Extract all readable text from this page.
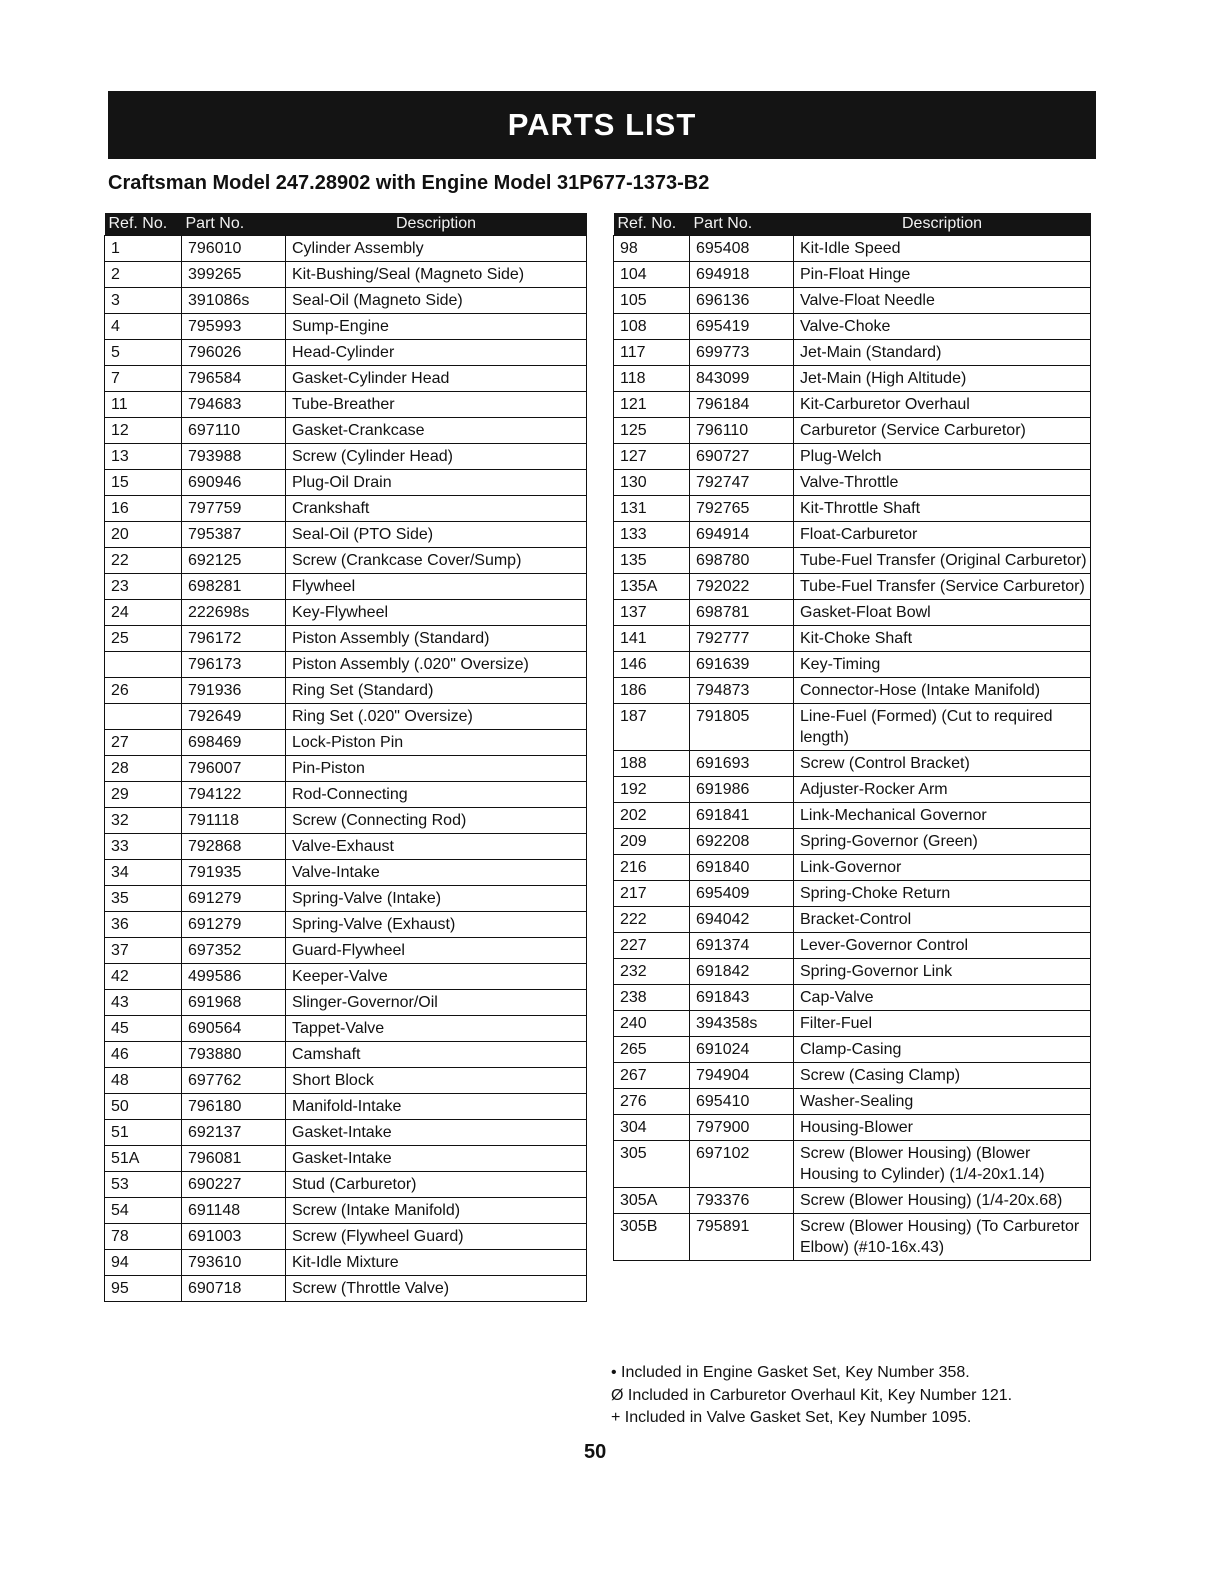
PARTS LIST
Craftsman Model 247.28902 with Engine Model 31P677-1373-B2
Ref. No.	Part No.	Description
1	796010	Cylinder Assembly
2	399265	Kit-Bushing/Seal (Magneto Side)
3	391086s	Seal-Oil (Magneto Side)
4	795993	Sump-Engine
5	796026	Head-Cylinder
7	796584	Gasket-Cylinder Head
11	794683	Tube-Breather
12	697110	Gasket-Crankcase
13	793988	Screw (Cylinder Head)
15	690946	Plug-Oil Drain
16	797759	Crankshaft
20	795387	Seal-Oil (PTO Side)
22	692125	Screw (Crankcase Cover/Sump)
23	698281	Flywheel
24	222698s	Key-Flywheel
25	796172	Piston Assembly (Standard)
	796173	Piston Assembly (.020" Oversize)
26	791936	Ring Set (Standard)
	792649	Ring Set (.020" Oversize)
27	698469	Lock-Piston Pin
28	796007	Pin-Piston
29	794122	Rod-Connecting
32	791118	Screw (Connecting Rod)
33	792868	Valve-Exhaust
34	791935	Valve-Intake
35	691279	Spring-Valve (Intake)
36	691279	Spring-Valve (Exhaust)
37	697352	Guard-Flywheel
42	499586	Keeper-Valve
43	691968	Slinger-Governor/Oil
45	690564	Tappet-Valve
46	793880	Camshaft
48	697762	Short Block
50	796180	Manifold-Intake
51	692137	Gasket-Intake
51A	796081	Gasket-Intake
53	690227	Stud (Carburetor)
54	691148	Screw (Intake Manifold)
78	691003	Screw (Flywheel Guard)
94	793610	Kit-Idle Mixture
95	690718	Screw (Throttle Valve)
Ref. No.	Part No.	Description
98	695408	Kit-Idle Speed
104	694918	Pin-Float Hinge
105	696136	Valve-Float Needle
108	695419	Valve-Choke
117	699773	Jet-Main (Standard)
118	843099	Jet-Main (High Altitude)
121	796184	Kit-Carburetor Overhaul
125	796110	Carburetor (Service Carburetor)
127	690727	Plug-Welch
130	792747	Valve-Throttle
131	792765	Kit-Throttle Shaft
133	694914	Float-Carburetor
135	698780	Tube-Fuel Transfer (Original Carburetor)
135A	792022	Tube-Fuel Transfer (Service Carburetor)
137	698781	Gasket-Float Bowl
141	792777	Kit-Choke Shaft
146	691639	Key-Timing
186	794873	Connector-Hose (Intake Manifold)
187	791805	Line-Fuel (Formed) (Cut to required length)
188	691693	Screw (Control Bracket)
192	691986	Adjuster-Rocker Arm
202	691841	Link-Mechanical Governor
209	692208	Spring-Governor (Green)
216	691840	Link-Governor
217	695409	Spring-Choke Return
222	694042	Bracket-Control
227	691374	Lever-Governor Control
232	691842	Spring-Governor Link
238	691843	Cap-Valve
240	394358s	Filter-Fuel
265	691024	Clamp-Casing
267	794904	Screw (Casing Clamp)
276	695410	Washer-Sealing
304	797900	Housing-Blower
305	697102	Screw (Blower Housing) (Blower Housing to Cylinder) (1/4-20x1.14)
305A	793376	Screw (Blower Housing) (1/4-20x.68)
305B	795891	Screw (Blower Housing) (To Carburetor Elbow) (#10-16x.43)
• Included in Engine Gasket Set, Key Number 358.
Ø Included in Carburetor Overhaul Kit, Key Number 121.
+ Included in Valve Gasket Set, Key Number 1095.
50
